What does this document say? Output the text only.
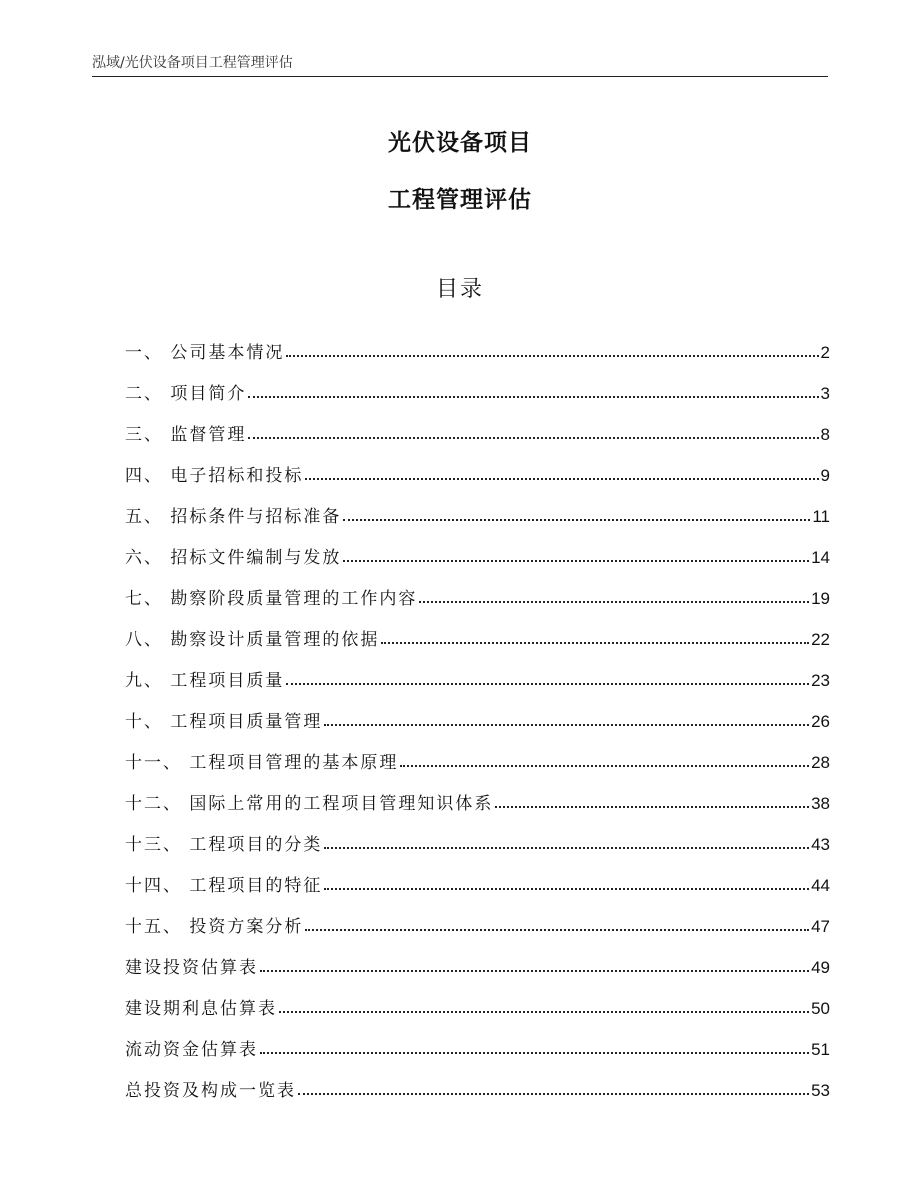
泓域/光伏设备项目工程管理评估
光伏设备项目
工程管理评估
目录
一、 公司基本情况	2
二、 项目简介	3
三、 监督管理	8
四、 电子招标和投标	9
五、 招标条件与招标准备	11
六、 招标文件编制与发放	14
七、 勘察阶段质量管理的工作内容	19
八、 勘察设计质量管理的依据	22
九、 工程项目质量	23
十、 工程项目质量管理	26
十一、 工程项目管理的基本原理	28
十二、 国际上常用的工程项目管理知识体系	38
十三、 工程项目的分类	43
十四、 工程项目的特征	44
十五、 投资方案分析	47
建设投资估算表	49
建设期利息估算表	50
流动资金估算表	51
总投资及构成一览表	53
